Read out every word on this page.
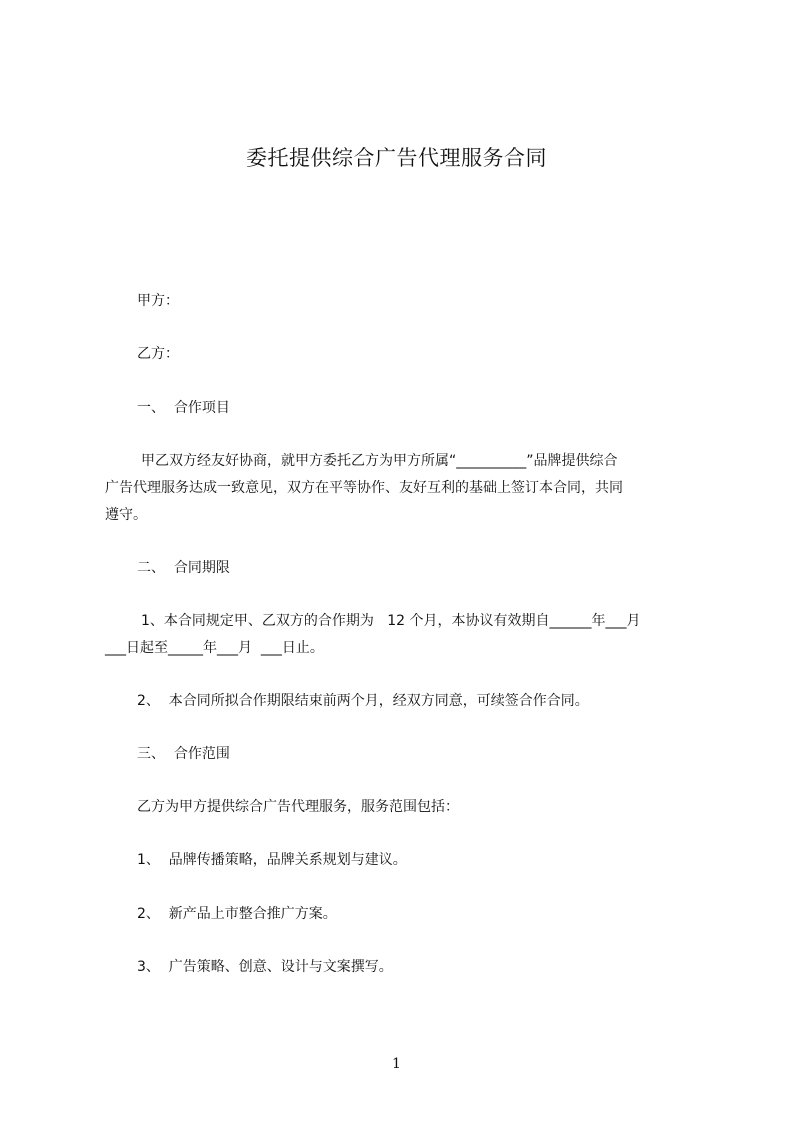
委托提供综合广告代理服务合同
甲方：
乙方：
一、  合作项目
甲乙双方经友好协商，就甲方委托乙方为甲方所属“__________”品牌提供综合
广告代理服务达成一致意见，双方在平等协作、友好互利的基础上签订本合同，共同
遵守。
二、  合同期限
1、本合同规定甲、乙双方的合作期为   12 个月，本协议有效期自______年___月
___日起至_____年___月  ___日止。
2、  本合同所拟合作期限结束前两个月，经双方同意，可续签合作合同。
三、  合作范围
乙方为甲方提供综合广告代理服务，服务范围包括：
1、  品牌传播策略，品牌关系规划与建议。
2、  新产品上市整合推广方案。
3、  广告策略、创意、设计与文案撰写。
1
